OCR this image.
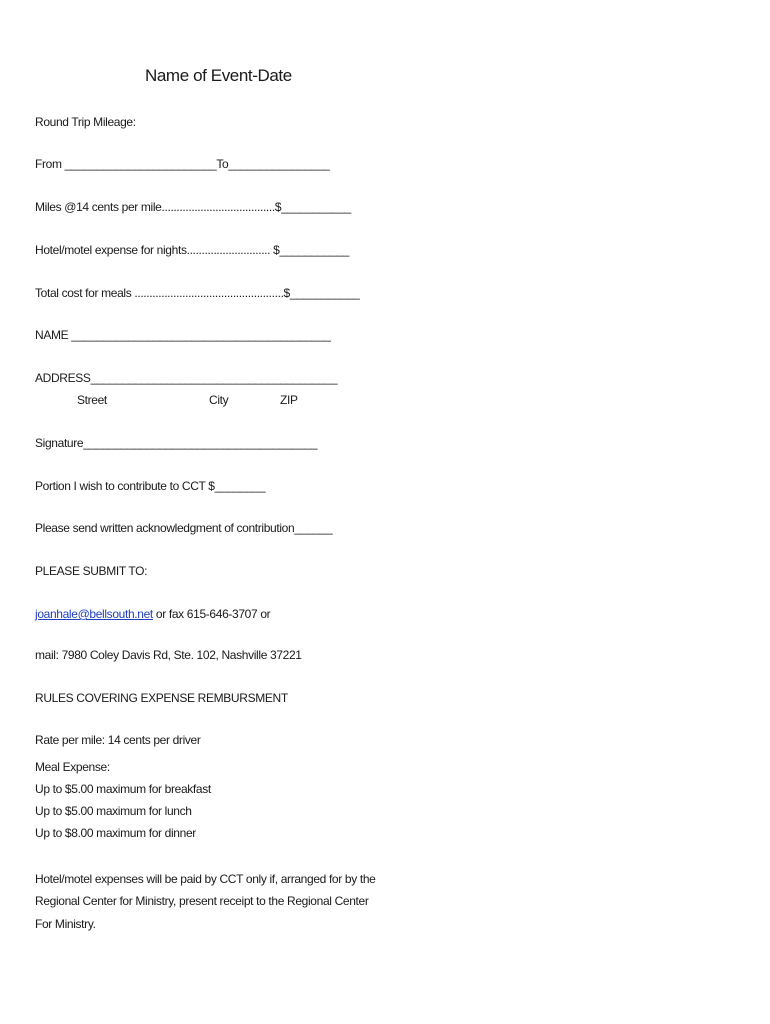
Name of Event-Date
Round Trip Mileage:
From ________________________To________________
Miles @14 cents per mile......................................$___________
Hotel/motel expense for nights............................ $___________
Total cost for meals ..................................................$___________
NAME _________________________________________
ADDRESS_______________________________________
Street	City	ZIP
Signature_____________________________________
Portion I wish to contribute to CCT $________
Please send written acknowledgment of contribution______
PLEASE SUBMIT TO:
joanhale@bellsouth.net or fax 615-646-3707 or
mail: 7980 Coley Davis Rd, Ste. 102, Nashville 37221
RULES COVERING EXPENSE REMBURSMENT
Rate per mile: 14 cents per driver
Meal Expense:
Up to $5.00 maximum for breakfast
Up to $5.00 maximum for lunch
Up to $8.00 maximum for dinner
Hotel/motel expenses will be paid by CCT only if, arranged for by the
Regional Center for Ministry, present receipt to the Regional Center
For Ministry.
